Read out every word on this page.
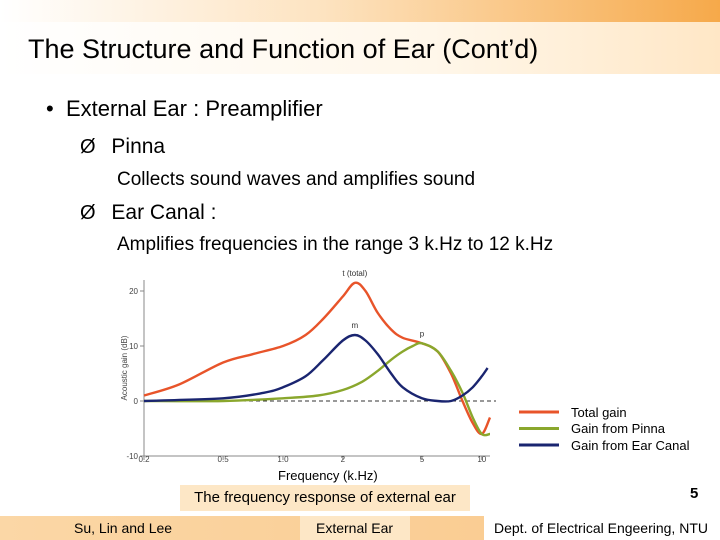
The Structure and Function of Ear (Cont’d)
• External Ear : Preamplifier
Ø Pinna
Collects sound waves and amplifies sound
Ø Ear Canal :
Amplifies frequencies in the range 3 k.Hz to 12 k.Hz
20
10
0
-10 0.2	0.5	1.0	2	5	10
Acoustic gain (dB)
t (total)
p
m
Total gain
Gain from Pinna
Gain from Ear Canal
Frequency (k.Hz)
The frequency response of external ear	5
Su, Lin and Lee	External Ear	Dept. of Electrical Engeering, NTU
